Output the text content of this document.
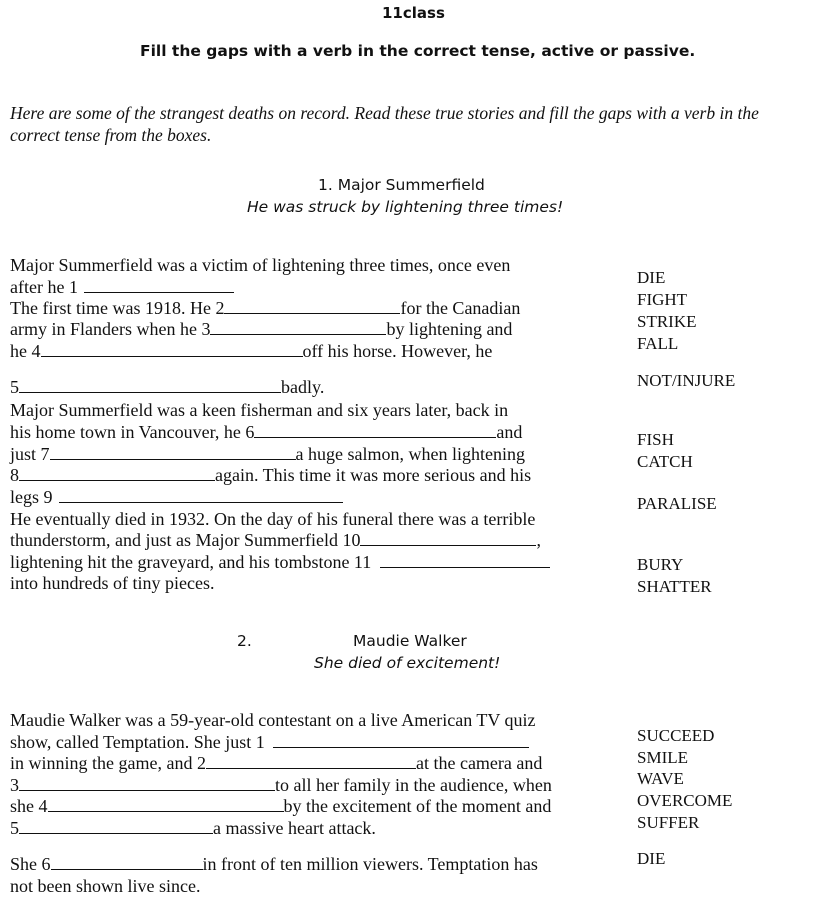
11class
Fill the gaps with a verb in the correct tense, active or passive.
Here are some of the strangest deaths on record. Read these true stories and fill the gaps with a verb in the correct tense from the boxes.
1. Major Summerfield
He was struck by lightening three times!
Major Summerfield was a victim of lightening three times, once even
after he 1
The first time was 1918. He 2	for the Canadian
army in Flanders when he 3	by lightening and
he 4	off his horse. However, he
5	badly.
Major Summerfield was a keen fisherman and six years later, back in
his home town in Vancouver, he 6	and
just 7	a huge salmon, when lightening
8	again. This time it was more serious and his
legs 9
He eventually died in 1932. On the day of his funeral there was a terrible
thunderstorm, and just as Major Summerfield 10	,
lightening hit the graveyard, and his tombstone 11
into hundreds of tiny pieces.
DIE
FIGHT
STRIKE
FALL
NOT/INJURE
FISH
CATCH
PARALISE
BURY
SHATTER
2.	Maudie Walker
She died of excitement!
Maudie Walker was a 59-year-old contestant on a live American TV quiz
show, called Temptation. She just 1
in winning the game, and 2	at the camera and
3	to all her family in the audience, when
she 4	by the excitement of the moment and
5	a massive heart attack.
She 6	in front of ten million viewers. Temptation has
not been shown live since.
SUCCEED
SMILE
WAVE
OVERCOME
SUFFER
DIE
